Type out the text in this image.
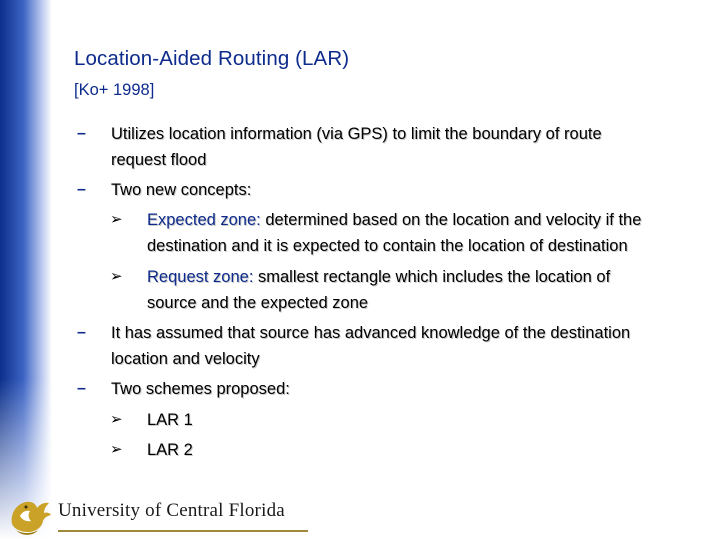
Location-Aided Routing (LAR)
[Ko+ 1998]
– Utilizes location information (via GPS) to limit the boundary of route
request flood
– Two new concepts:
➢ Expected zone: determined based on the location and velocity if the
destination and it is expected to contain the location of destination
➢ Request zone: smallest rectangle which includes the location of
source and the expected zone
– It has assumed that source has advanced knowledge of the destination
location and velocity
– Two schemes proposed:
➢ LAR 1
➢ LAR 2
University of Central Florida
